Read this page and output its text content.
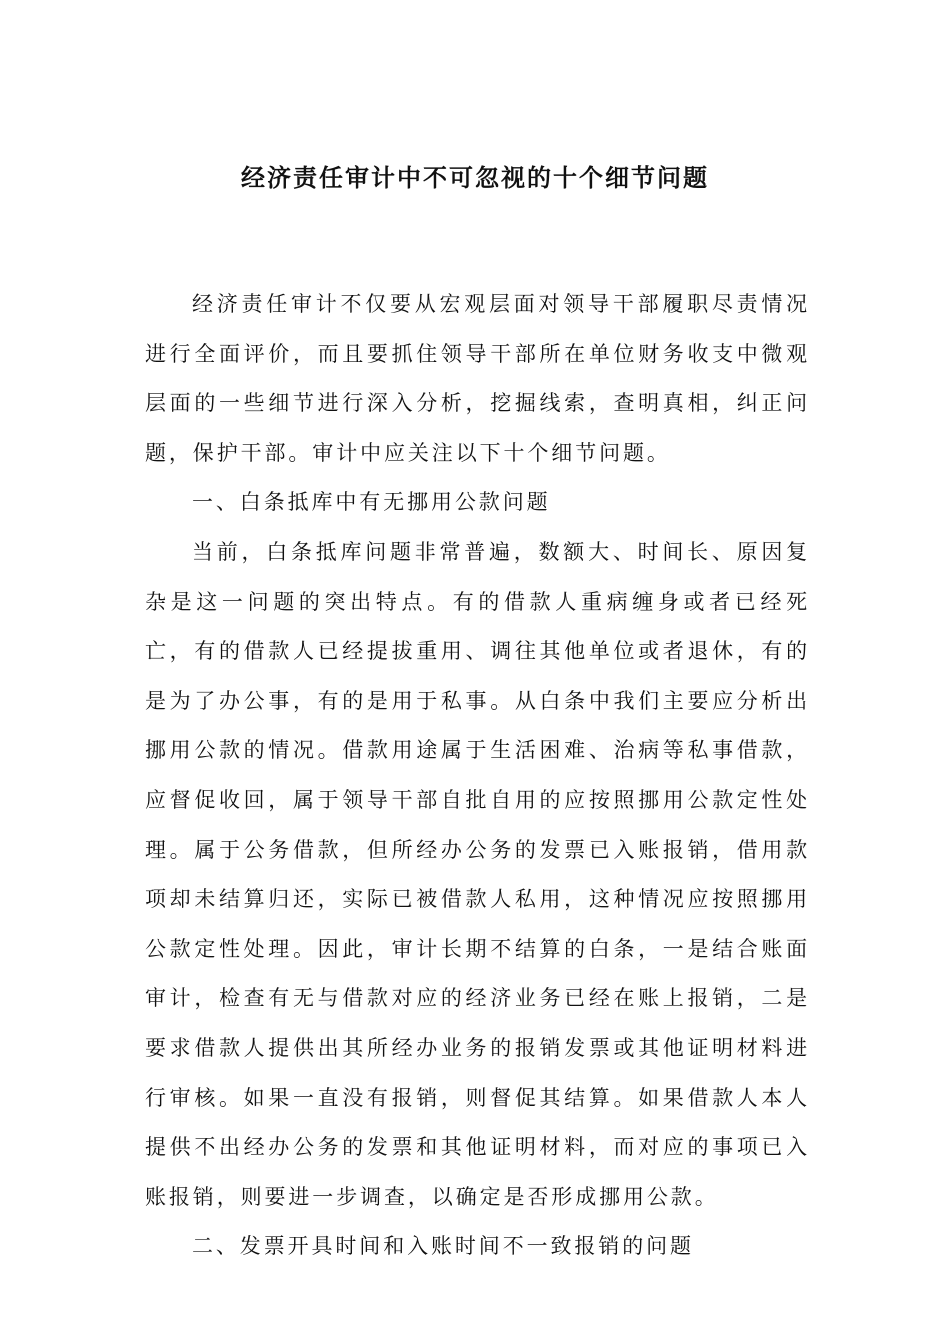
经济责任审计中不可忽视的十个细节问题

经济责任审计不仅要从宏观层面对领导干部履职尽责情况进行全面评价，而且要抓住领导干部所在单位财务收支中微观层面的一些细节进行深入分析，挖掘线索，查明真相，纠正问题，保护干部。审计中应关注以下十个细节问题。

一、白条抵库中有无挪用公款问题

当前，白条抵库问题非常普遍，数额大、时间长、原因复杂是这一问题的突出特点。有的借款人重病缠身或者已经死亡，有的借款人已经提拔重用、调往其他单位或者退休，有的是为了办公事，有的是用于私事。从白条中我们主要应分析出挪用公款的情况。借款用途属于生活困难、治病等私事借款，应督促收回，属于领导干部自批自用的应按照挪用公款定性处理。属于公务借款，但所经办公务的发票已入账报销，借用款项却未结算归还，实际已被借款人私用，这种情况应按照挪用公款定性处理。因此，审计长期不结算的白条，一是结合账面审计，检查有无与借款对应的经济业务已经在账上报销，二是要求借款人提供出其所经办业务的报销发票或其他证明材料进行审核。如果一直没有报销，则督促其结算。如果借款人本人提供不出经办公务的发票和其他证明材料，而对应的事项已入账报销，则要进一步调查，以确定是否形成挪用公款。

二、发票开具时间和入账时间不一致报销的问题
